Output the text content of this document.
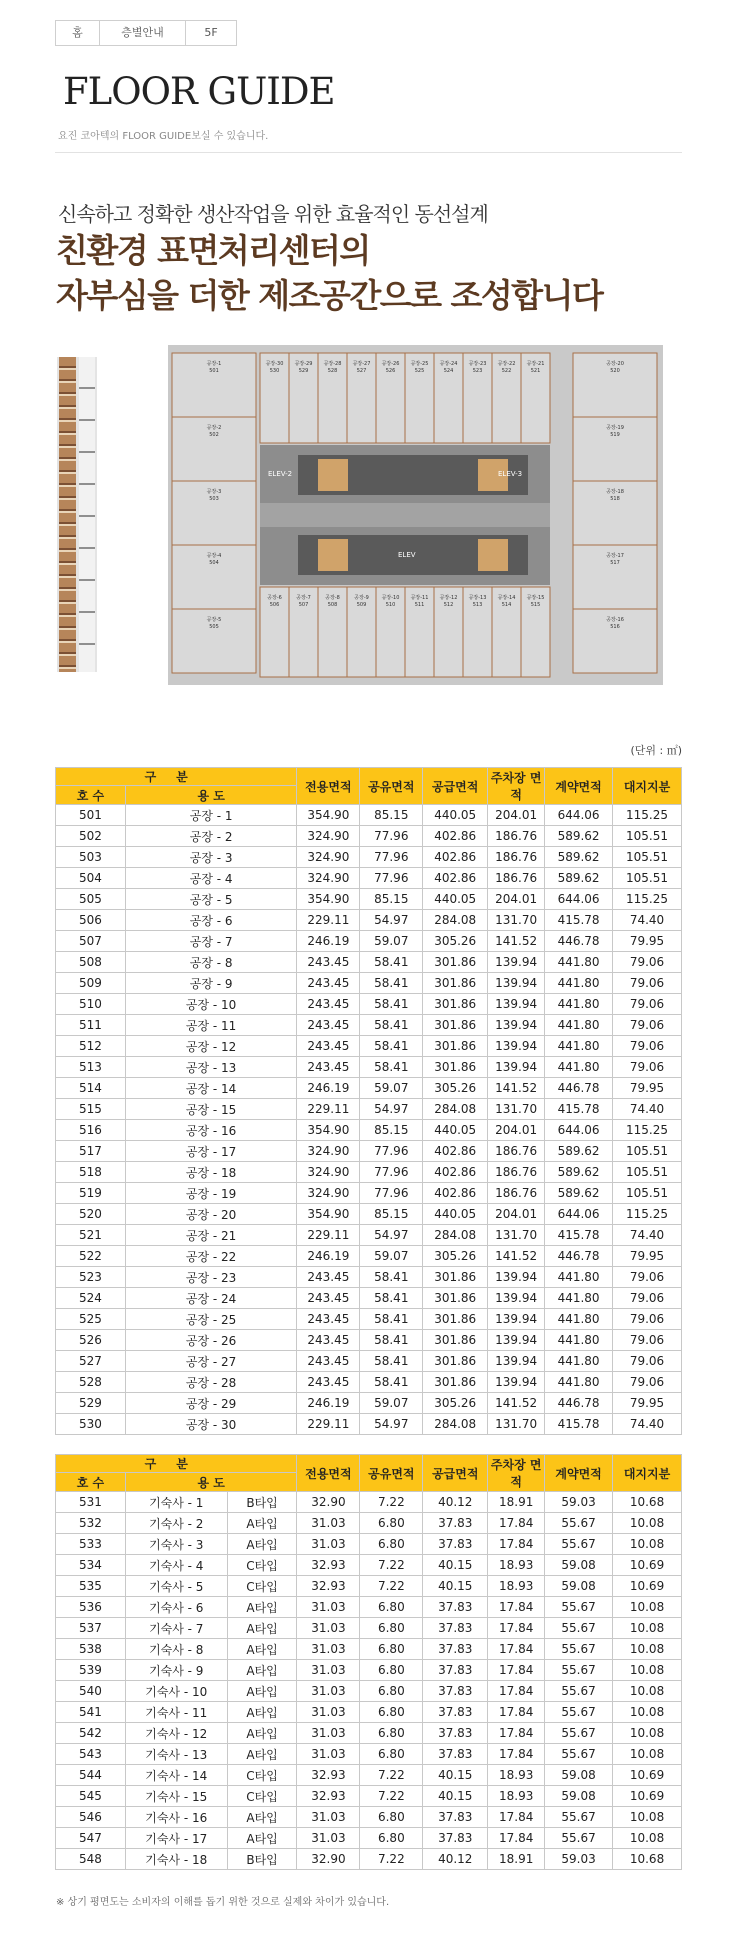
홈	층별안내	5F
FLOOR GUIDE
요진 코아텍의 FLOOR GUIDE보실 수 있습니다.
신속하고 정확한 생산작업을 위한 효율적인 동선설계
친환경 표면처리센터의
자부심을 더한 제조공간으로 조성합니다
공장-30
530
공장-29
529
공장-28
528
공장-27
527
공장-26
526
공장-25
525
공장-24
524
공장-23
523
공장-22
522
공장-21
521
공장-6
506
공장-7
507
공장-8
508
공장-9
509
공장-10
510
공장-11
511
공장-12
512
공장-13
513
공장-14
514
공장-15
515
공장-1
501
공장-2
502
공장-3
503
공장-4
504
공장-5
505
공장-20
520
공장-19
519
공장-18
518
공장-17
517
공장-16
516
ELEV-2	ELEV-3
ELEV
(단위 : ㎡)
구분		전용면적	공유면적	공급면적	주차장 면적	계약면적	대지지분
호 수	용 도						
501	공장 - 1	354.90	85.15	440.05	204.01	644.06	115.25
502	공장 - 2	324.90	77.96	402.86	186.76	589.62	105.51
503	공장 - 3	324.90	77.96	402.86	186.76	589.62	105.51
504	공장 - 4	324.90	77.96	402.86	186.76	589.62	105.51
505	공장 - 5	354.90	85.15	440.05	204.01	644.06	115.25
506	공장 - 6	229.11	54.97	284.08	131.70	415.78	74.40
507	공장 - 7	246.19	59.07	305.26	141.52	446.78	79.95
508	공장 - 8	243.45	58.41	301.86	139.94	441.80	79.06
509	공장 - 9	243.45	58.41	301.86	139.94	441.80	79.06
510	공장 - 10	243.45	58.41	301.86	139.94	441.80	79.06
511	공장 - 11	243.45	58.41	301.86	139.94	441.80	79.06
512	공장 - 12	243.45	58.41	301.86	139.94	441.80	79.06
513	공장 - 13	243.45	58.41	301.86	139.94	441.80	79.06
514	공장 - 14	246.19	59.07	305.26	141.52	446.78	79.95
515	공장 - 15	229.11	54.97	284.08	131.70	415.78	74.40
516	공장 - 16	354.90	85.15	440.05	204.01	644.06	115.25
517	공장 - 17	324.90	77.96	402.86	186.76	589.62	105.51
518	공장 - 18	324.90	77.96	402.86	186.76	589.62	105.51
519	공장 - 19	324.90	77.96	402.86	186.76	589.62	105.51
520	공장 - 20	354.90	85.15	440.05	204.01	644.06	115.25
521	공장 - 21	229.11	54.97	284.08	131.70	415.78	74.40
522	공장 - 22	246.19	59.07	305.26	141.52	446.78	79.95
523	공장 - 23	243.45	58.41	301.86	139.94	441.80	79.06
524	공장 - 24	243.45	58.41	301.86	139.94	441.80	79.06
525	공장 - 25	243.45	58.41	301.86	139.94	441.80	79.06
526	공장 - 26	243.45	58.41	301.86	139.94	441.80	79.06
527	공장 - 27	243.45	58.41	301.86	139.94	441.80	79.06
528	공장 - 28	243.45	58.41	301.86	139.94	441.80	79.06
529	공장 - 29	246.19	59.07	305.26	141.52	446.78	79.95
530	공장 - 30	229.11	54.97	284.08	131.70	415.78	74.40
구분			전용면적	공유면적	공급면적	주차장 면적	계약면적	대지지분
호 수	용 도							
531	기숙사 - 1	B타입	32.90	7.22	40.12	18.91	59.03	10.68
532	기숙사 - 2	A타입	31.03	6.80	37.83	17.84	55.67	10.08
533	기숙사 - 3	A타입	31.03	6.80	37.83	17.84	55.67	10.08
534	기숙사 - 4	C타입	32.93	7.22	40.15	18.93	59.08	10.69
535	기숙사 - 5	C타입	32.93	7.22	40.15	18.93	59.08	10.69
536	기숙사 - 6	A타입	31.03	6.80	37.83	17.84	55.67	10.08
537	기숙사 - 7	A타입	31.03	6.80	37.83	17.84	55.67	10.08
538	기숙사 - 8	A타입	31.03	6.80	37.83	17.84	55.67	10.08
539	기숙사 - 9	A타입	31.03	6.80	37.83	17.84	55.67	10.08
540	기숙사 - 10	A타입	31.03	6.80	37.83	17.84	55.67	10.08
541	기숙사 - 11	A타입	31.03	6.80	37.83	17.84	55.67	10.08
542	기숙사 - 12	A타입	31.03	6.80	37.83	17.84	55.67	10.08
543	기숙사 - 13	A타입	31.03	6.80	37.83	17.84	55.67	10.08
544	기숙사 - 14	C타입	32.93	7.22	40.15	18.93	59.08	10.69
545	기숙사 - 15	C타입	32.93	7.22	40.15	18.93	59.08	10.69
546	기숙사 - 16	A타입	31.03	6.80	37.83	17.84	55.67	10.08
547	기숙사 - 17	A타입	31.03	6.80	37.83	17.84	55.67	10.08
548	기숙사 - 18	B타입	32.90	7.22	40.12	18.91	59.03	10.68
※ 상기 평면도는 소비자의 이해를 돕기 위한 것으로 실제와 차이가 있습니다.
